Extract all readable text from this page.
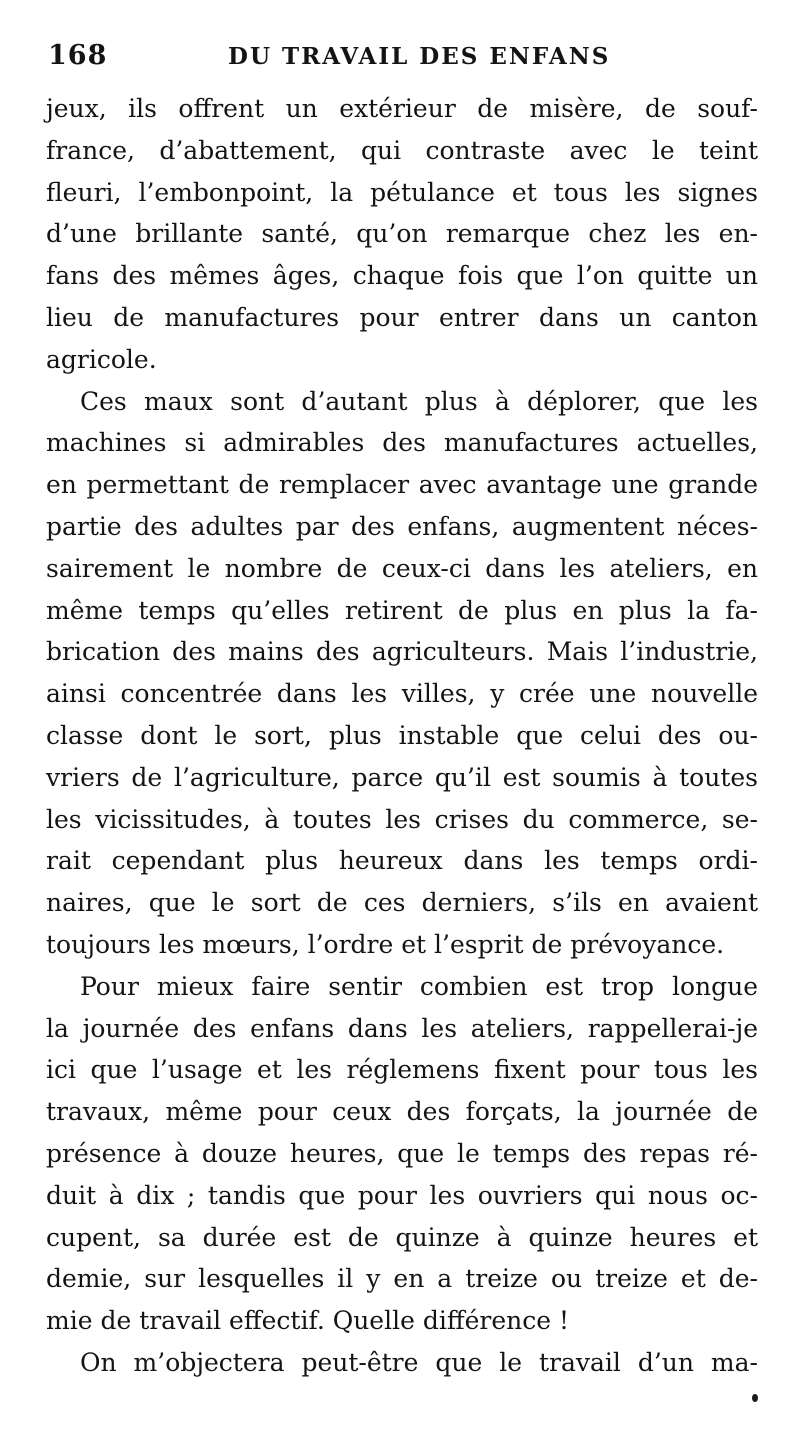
168	DU TRAVAIL DES ENFANS
jeux, ils offrent un extérieur de misère, de souf-
france, d’abattement, qui contraste avec le teint
fleuri, l’embonpoint, la pétulance et tous les signes
d’une brillante santé, qu’on remarque chez les en-
fans des mêmes âges, chaque fois que l’on quitte un
lieu de manufactures pour entrer dans un canton
agricole.
Ces maux sont d’autant plus à déplorer, que les
machines si admirables des manufactures actuelles,
en permettant de remplacer avec avantage une grande
partie des adultes par des enfans, augmentent néces-
sairement le nombre de ceux-ci dans les ateliers, en
même temps qu’elles retirent de plus en plus la fa-
brication des mains des agriculteurs. Mais l’industrie,
ainsi concentrée dans les villes, y crée une nouvelle
classe dont le sort, plus instable que celui des ou-
vriers de l’agriculture, parce qu’il est soumis à toutes
les vicissitudes, à toutes les crises du commerce, se-
rait cependant plus heureux dans les temps ordi-
naires, que le sort de ces derniers, s’ils en avaient
toujours les mœurs, l’ordre et l’esprit de prévoyance.
Pour mieux faire sentir combien est trop longue
la journée des enfans dans les ateliers, rappellerai-je
ici que l’usage et les réglemens fixent pour tous les
travaux, même pour ceux des forçats, la journée de
présence à douze heures, que le temps des repas ré-
duit à dix ; tandis que pour les ouvriers qui nous oc-
cupent, sa durée est de quinze à quinze heures et
demie, sur lesquelles il y en a treize ou treize et de-
mie de travail effectif. Quelle différence !
On m’objectera peut-être que le travail d’un ma-
